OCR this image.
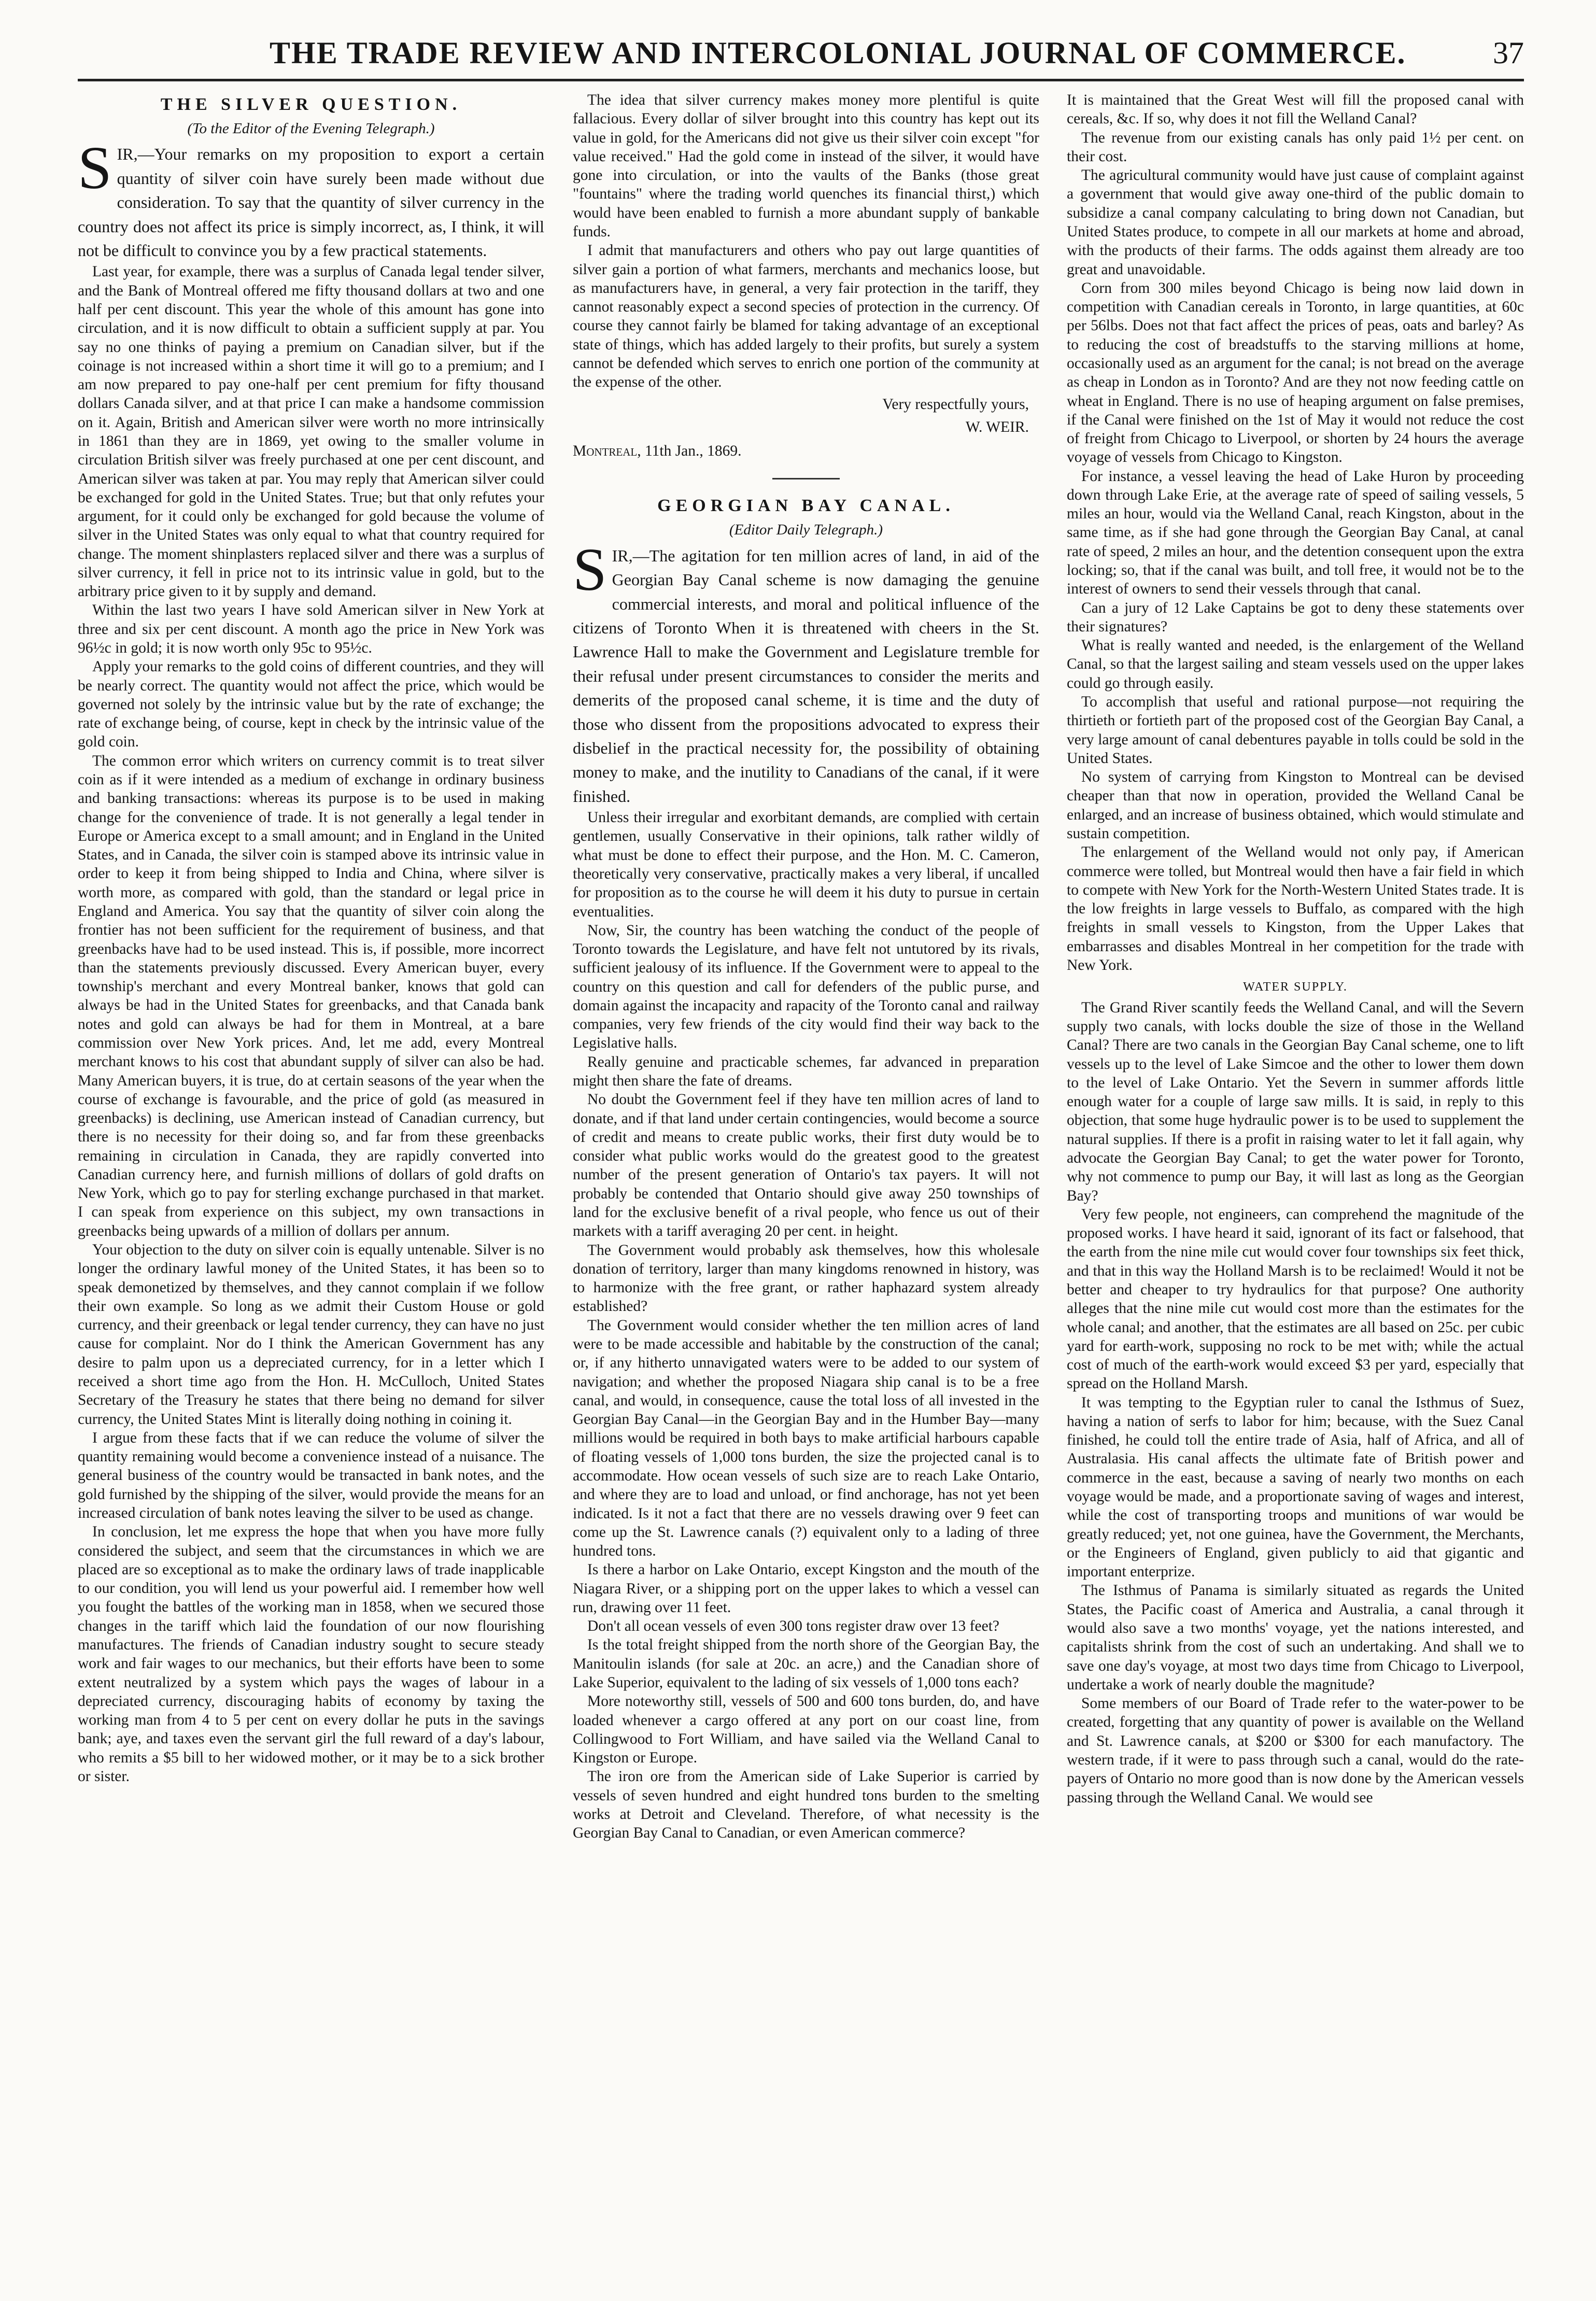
THE TRADE REVIEW AND INTERCOLONIAL JOURNAL OF COMMERCE.	37
THE SILVER QUESTION.
(To the Editor of the Evening Telegraph.)

SIR,—Your remarks on my proposition to export a certain quantity of silver coin have surely been made without due consideration. To say that the quantity of silver currency in the country does not affect its price is simply incorrect, as, I think, it will not be difficult to convince you by a few practical statements.

Last year, for example, there was a surplus of Canada legal tender silver, and the Bank of Montreal offered me fifty thousand dollars at two and one half per cent discount. This year the whole of this amount has gone into circulation, and it is now difficult to obtain a sufficient supply at par. You say no one thinks of paying a premium on Canadian silver, but if the coinage is not increased within a short time it will go to a premium; and I am now prepared to pay one-half per cent premium for fifty thousand dollars Canada silver, and at that price I can make a handsome commission on it. Again, British and American silver were worth no more intrinsically in 1861 than they are in 1869, yet owing to the smaller volume in circulation British silver was freely purchased at one per cent discount, and American silver was taken at par. You may reply that American silver could be exchanged for gold in the United States. True; but that only refutes your argument, for it could only be exchanged for gold because the volume of silver in the United States was only equal to what that country required for change. The moment shinplasters replaced silver and there was a surplus of silver currency, it fell in price not to its intrinsic value in gold, but to the arbitrary price given to it by supply and demand.

Within the last two years I have sold American silver in New York at three and six per cent discount. A month ago the price in New York was 96½c in gold; it is now worth only 95c to 95½c.

Apply your remarks to the gold coins of different countries, and they will be nearly correct. The quantity would not affect the price, which would be governed not solely by the intrinsic value but by the rate of exchange; the rate of exchange being, of course, kept in check by the intrinsic value of the gold coin.

The common error which writers on currency commit is to treat silver coin as if it were intended as a medium of exchange in ordinary business and banking transactions: whereas its purpose is to be used in making change for the convenience of trade. It is not generally a legal tender in Europe or America except to a small amount; and in England in the United States, and in Canada, the silver coin is stamped above its intrinsic value in order to keep it from being shipped to India and China, where silver is worth more, as compared with gold, than the standard or legal price in England and America. You say that the quantity of silver coin along the frontier has not been sufficient for the requirement of business, and that greenbacks have had to be used instead. This is, if possible, more incorrect than the statements previously discussed. Every American buyer, every township's merchant and every Montreal banker, knows that gold can always be had in the United States for greenbacks, and that Canada bank notes and gold can always be had for them in Montreal, at a bare commission over New York prices. And, let me add, every Montreal merchant knows to his cost that abundant supply of silver can also be had. Many American buyers, it is true, do at certain seasons of the year when the course of exchange is favourable, and the price of gold (as measured in greenbacks) is declining, use American instead of Canadian currency, but there is no necessity for their doing so, and far from these greenbacks remaining in circulation in Canada, they are rapidly converted into Canadian currency here, and furnish millions of dollars of gold drafts on New York, which go to pay for sterling exchange purchased in that market. I can speak from experience on this subject, my own transactions in greenbacks being upwards of a million of dollars per annum.

Your objection to the duty on silver coin is equally untenable. Silver is no longer the ordinary lawful money of the United States, it has been so to speak demonetized by themselves, and they cannot complain if we follow their own example. So long as we admit their Custom House or gold currency, and their greenback or legal tender currency, they can have no just cause for complaint. Nor do I think the American Government has any desire to palm upon us a depreciated currency, for in a letter which I received a short time ago from the Hon. H. McCulloch, United States Secretary of the Treasury he states that there being no demand for silver currency, the United States Mint is literally doing nothing in coining it.

I argue from these facts that if we can reduce the volume of silver the quantity remaining would become a convenience instead of a nuisance. The general business of the country would be transacted in bank notes, and the gold furnished by the shipping of the silver, would provide the means for an increased circulation of bank notes leaving the silver to be used as change.

In conclusion, let me express the hope that when you have more fully considered the subject, and seem that the circumstances in which we are placed are so exceptional as to make the ordinary laws of trade inapplicable to our condition, you will lend us your powerful aid. I remember how well you fought the battles of the working man in 1858, when we secured those changes in the tariff which laid the foundation of our now flourishing manufactures. The friends of Canadian industry sought to secure steady work and fair wages to our mechanics, but their efforts have been to some extent neutralized by a system which pays the wages of labour in a depreciated currency, discouraging habits of economy by taxing the working man from 4 to 5 per cent on every dollar he puts in the savings bank; aye, and taxes even the servant girl the full reward of a day's labour, who remits a $5 bill to her widowed mother, or it may be to a sick brother or sister.

The idea that silver currency makes money more plentiful is quite fallacious. Every dollar of silver brought into this country has kept out its value in gold, for the Americans did not give us their silver coin except "for value received." Had the gold come in instead of the silver, it would have gone into circulation, or into the vaults of the Banks (those great "fountains" where the trading world quenches its financial thirst,) which would have been enabled to furnish a more abundant supply of bankable funds.

I admit that manufacturers and others who pay out large quantities of silver gain a portion of what farmers, merchants and mechanics loose, but as manufacturers have, in general, a very fair protection in the tariff, they cannot reasonably expect a second species of protection in the currency. Of course they cannot fairly be blamed for taking advantage of an exceptional state of things, which has added largely to their profits, but surely a system cannot be defended which serves to enrich one portion of the community at the expense of the other.

Very respectfully yours,
W. WEIR.
Montreal, 11th Jan., 1869.
GEORGIAN BAY CANAL.
(Editor Daily Telegraph.)

SIR,—The agitation for ten million acres of land, in aid of the Georgian Bay Canal scheme is now damaging the genuine commercial interests, and moral and political influence of the citizens of Toronto When it is threatened with cheers in the St. Lawrence Hall to make the Government and Legislature tremble for their refusal under present circumstances to consider the merits and demerits of the proposed canal scheme, it is time and the duty of those who dissent from the propositions advocated to express their disbelief in the practical necessity for, the possibility of obtaining money to make, and the inutility to Canadians of the canal, if it were finished.

Unless their irregular and exorbitant demands, are complied with certain gentlemen, usually Conservative in their opinions, talk rather wildly of what must be done to effect their purpose, and the Hon. M. C. Cameron, theoretically very conservative, practically makes a very liberal, if uncalled for proposition as to the course he will deem it his duty to pursue in certain eventualities.

Now, Sir, the country has been watching the conduct of the people of Toronto towards the Legislature, and have felt not untutored by its rivals, sufficient jealousy of its influence. If the Government were to appeal to the country on this question and call for defenders of the public purse, and domain against the incapacity and rapacity of the Toronto canal and railway companies, very few friends of the city would find their way back to the Legislative halls.

Really genuine and practicable schemes, far advanced in preparation might then share the fate of dreams.

No doubt the Government feel if they have ten million acres of land to donate, and if that land under certain contingencies, would become a source of credit and means to create public works, their first duty would be to consider what public works would do the greatest good to the greatest number of the present generation of Ontario's tax payers. It will not probably be contended that Ontario should give away 250 townships of land for the exclusive benefit of a rival people, who fence us out of their markets with a tariff averaging 20 per cent. in height.

The Government would probably ask themselves, how this wholesale donation of territory, larger than many kingdoms renowned in history, was to harmonize with the free grant, or rather haphazard system already established?

The Government would consider whether the ten million acres of land were to be made accessible and habitable by the construction of the canal; or, if any hitherto unnavigated waters were to be added to our system of navigation; and whether the proposed Niagara ship canal is to be a free canal, and would, in consequence, cause the total loss of all invested in the Georgian Bay Canal—in the Georgian Bay and in the Humber Bay—many millions would be required in both bays to make artificial harbours capable of floating vessels of 1,000 tons burden, the size the projected canal is to accommodate. How ocean vessels of such size are to reach Lake Ontario, and where they are to load and unload, or find anchorage, has not yet been indicated. Is it not a fact that there are no vessels drawing over 9 feet can come up the St. Lawrence canals (?) equivalent only to a lading of three hundred tons.

Is there a harbor on Lake Ontario, except Kingston and the mouth of the Niagara River, or a shipping port on the upper lakes to which a vessel can run, drawing over 11 feet.

Don't all ocean vessels of even 300 tons register draw over 13 feet?

Is the total freight shipped from the north shore of the Georgian Bay, the Manitoulin islands (for sale at 20c. an acre,) and the Canadian shore of Lake Superior, equivalent to the lading of six vessels of 1,000 tons each?

More noteworthy still, vessels of 500 and 600 tons burden, do, and have loaded whenever a cargo offered at any port on our coast line, from Collingwood to Fort William, and have sailed via the Welland Canal to Kingston or Europe.

The iron ore from the American side of Lake Superior is carried by vessels of seven hundred and eight hundred tons burden to the smelting works at Detroit and Cleveland. Therefore, of what necessity is the Georgian Bay Canal to Canadian, or even American commerce?

It is maintained that the Great West will fill the proposed canal with cereals, &c. If so, why does it not fill the Welland Canal?

The revenue from our existing canals has only paid 1½ per cent. on their cost.

The agricultural community would have just cause of complaint against a government that would give away one-third of the public domain to subsidize a canal company calculating to bring down not Canadian, but United States produce, to compete in all our markets at home and abroad, with the products of their farms. The odds against them already are too great and unavoidable.

Corn from 300 miles beyond Chicago is being now laid down in competition with Canadian cereals in Toronto, in large quantities, at 60c per 56lbs. Does not that fact affect the prices of peas, oats and barley? As to reducing the cost of breadstuffs to the starving millions at home, occasionally used as an argument for the canal; is not bread on the average as cheap in London as in Toronto? And are they not now feeding cattle on wheat in England. There is no use of heaping argument on false premises, if the Canal were finished on the 1st of May it would not reduce the cost of freight from Chicago to Liverpool, or shorten by 24 hours the average voyage of vessels from Chicago to Kingston.

For instance, a vessel leaving the head of Lake Huron by proceeding down through Lake Erie, at the average rate of speed of sailing vessels, 5 miles an hour, would via the Welland Canal, reach Kingston, about in the same time, as if she had gone through the Georgian Bay Canal, at canal rate of speed, 2 miles an hour, and the detention consequent upon the extra locking; so, that if the canal was built, and toll free, it would not be to the interest of owners to send their vessels through that canal.

Can a jury of 12 Lake Captains be got to deny these statements over their signatures?

What is really wanted and needed, is the enlargement of the Welland Canal, so that the largest sailing and steam vessels used on the upper lakes could go through easily.

To accomplish that useful and rational purpose—not requiring the thirtieth or fortieth part of the proposed cost of the Georgian Bay Canal, a very large amount of canal debentures payable in tolls could be sold in the United States.

No system of carrying from Kingston to Montreal can be devised cheaper than that now in operation, provided the Welland Canal be enlarged, and an increase of business obtained, which would stimulate and sustain competition.

The enlargement of the Welland would not only pay, if American commerce were tolled, but Montreal would then have a fair field in which to compete with New York for the North-Western United States trade. It is the low freights in large vessels to Buffalo, as compared with the high freights in small vessels to Kingston, from the Upper Lakes that embarrasses and disables Montreal in her competition for the trade with New York.

WATER SUPPLY.

The Grand River scantily feeds the Welland Canal, and will the Severn supply two canals, with locks double the size of those in the Welland Canal? There are two canals in the Georgian Bay Canal scheme, one to lift vessels up to the level of Lake Simcoe and the other to lower them down to the level of Lake Ontario. Yet the Severn in summer affords little enough water for a couple of large saw mills. It is said, in reply to this objection, that some huge hydraulic power is to be used to supplement the natural supplies. If there is a profit in raising water to let it fall again, why advocate the Georgian Bay Canal; to get the water power for Toronto, why not commence to pump our Bay, it will last as long as the Georgian Bay?

Very few people, not engineers, can comprehend the magnitude of the proposed works. I have heard it said, ignorant of its fact or falsehood, that the earth from the nine mile cut would cover four townships six feet thick, and that in this way the Holland Marsh is to be reclaimed! Would it not be better and cheaper to try hydraulics for that purpose? One authority alleges that the nine mile cut would cost more than the estimates for the whole canal; and another, that the estimates are all based on 25c. per cubic yard for earth-work, supposing no rock to be met with; while the actual cost of much of the earth-work would exceed $3 per yard, especially that spread on the Holland Marsh.

It was tempting to the Egyptian ruler to canal the Isthmus of Suez, having a nation of serfs to labor for him; because, with the Suez Canal finished, he could toll the entire trade of Asia, half of Africa, and all of Australasia. His canal affects the ultimate fate of British power and commerce in the east, because a saving of nearly two months on each voyage would be made, and a proportionate saving of wages and interest, while the cost of transporting troops and munitions of war would be greatly reduced; yet, not one guinea, have the Government, the Merchants, or the Engineers of England, given publicly to aid that gigantic and important enterprize.

The Isthmus of Panama is similarly situated as regards the United States, the Pacific coast of America and Australia, a canal through it would also save a two months' voyage, yet the nations interested, and capitalists shrink from the cost of such an undertaking. And shall we to save one day's voyage, at most two days time from Chicago to Liverpool, undertake a work of nearly double the magnitude?

Some members of our Board of Trade refer to the water-power to be created, forgetting that any quantity of power is available on the Welland and St. Lawrence canals, at $200 or $300 for each manufactory. The western trade, if it were to pass through such a canal, would do the rate-payers of Ontario no more good than is now done by the American vessels passing through the Welland Canal. We would see
